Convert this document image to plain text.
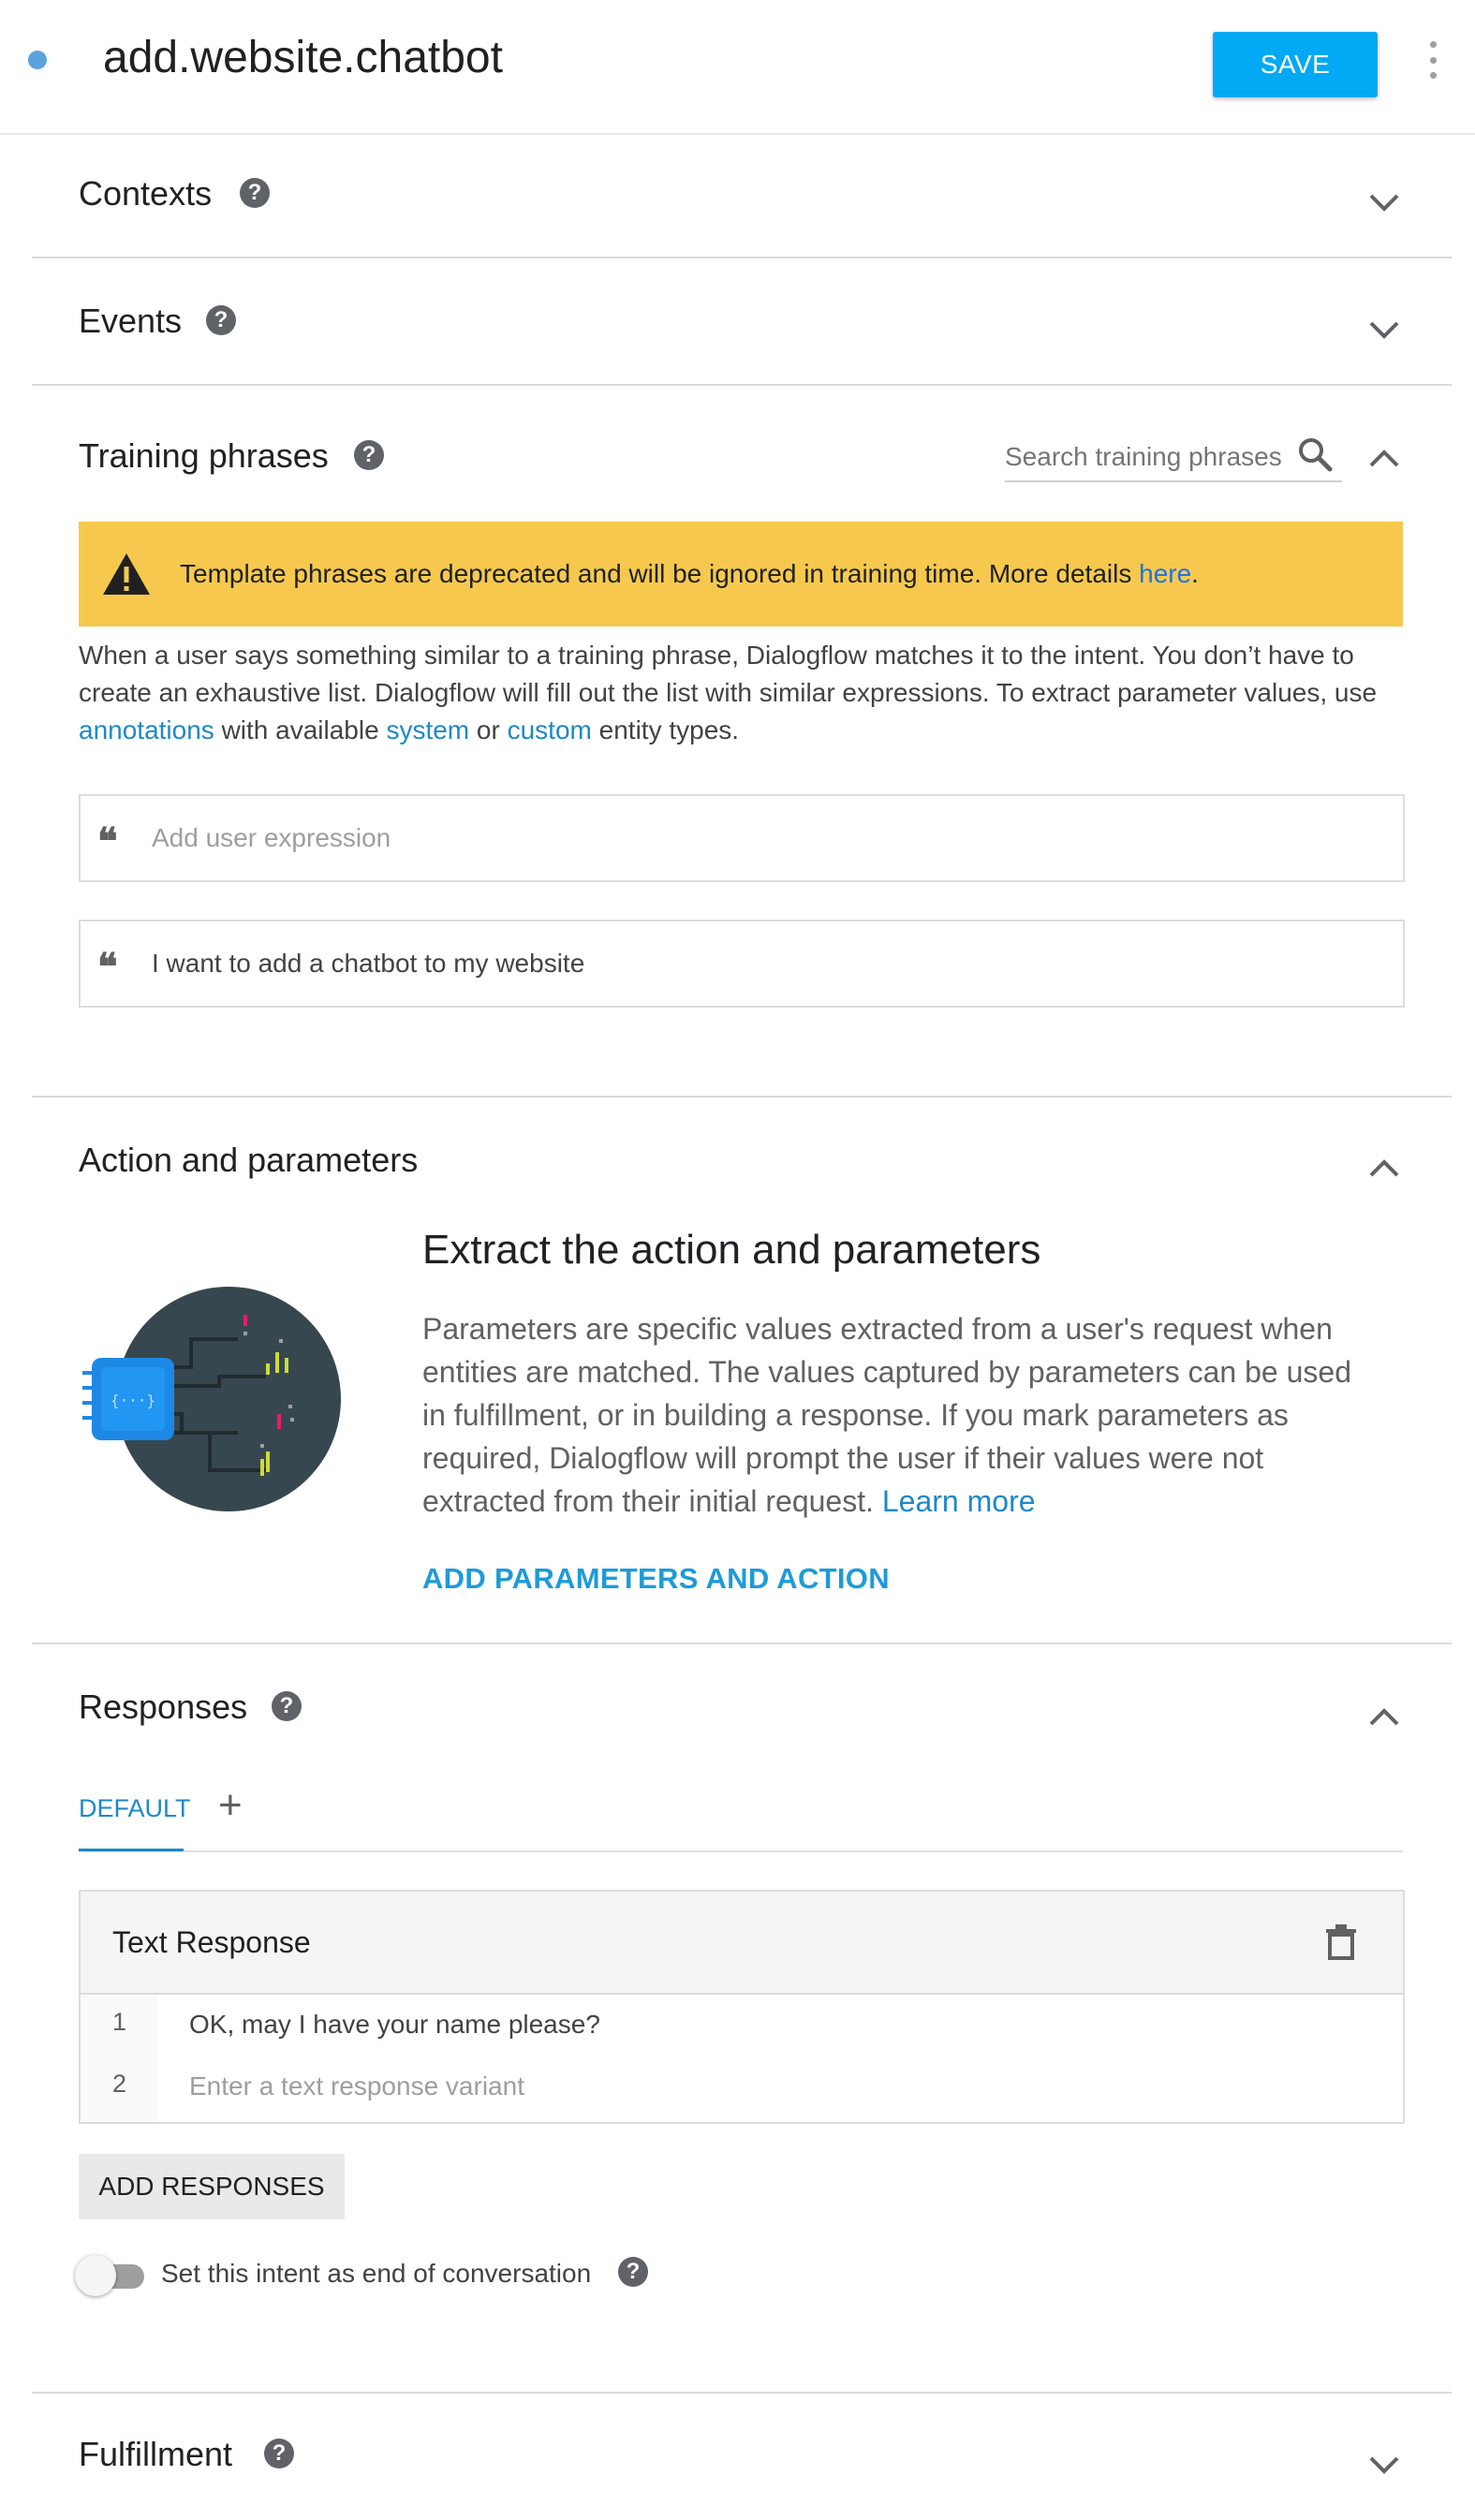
add.website.chatbot	SAVE
Contexts	?
Events	?
Training phrases	?
Search training phrases
Template phrases are deprecated and will be ignored in training time. More details here.
When a user says something similar to a training phrase, Dialogflow matches it to the intent. You don’t have to create an exhaustive list. Dialogflow will fill out the list with similar expressions. To extract parameter values, use annotations with available system or custom entity types.
❝
Add user expression
❝	I want to add a chatbot to my website
Action and parameters
{···}
Extract the action and parameters
Parameters are specific values extracted from a user's request when entities are matched. The values captured by parameters can be used in fulfillment, or in building a response. If you mark parameters as required, Dialogflow will prompt the user if their values were not extracted from their initial request. Learn more
ADD PARAMETERS AND ACTION
Responses	?
DEFAULT +
Text Response
1 OK, may I have your name please?
2
Enter a text response variant
ADD RESPONSES
Set this intent as end of conversation	?
Fulfillment	?
